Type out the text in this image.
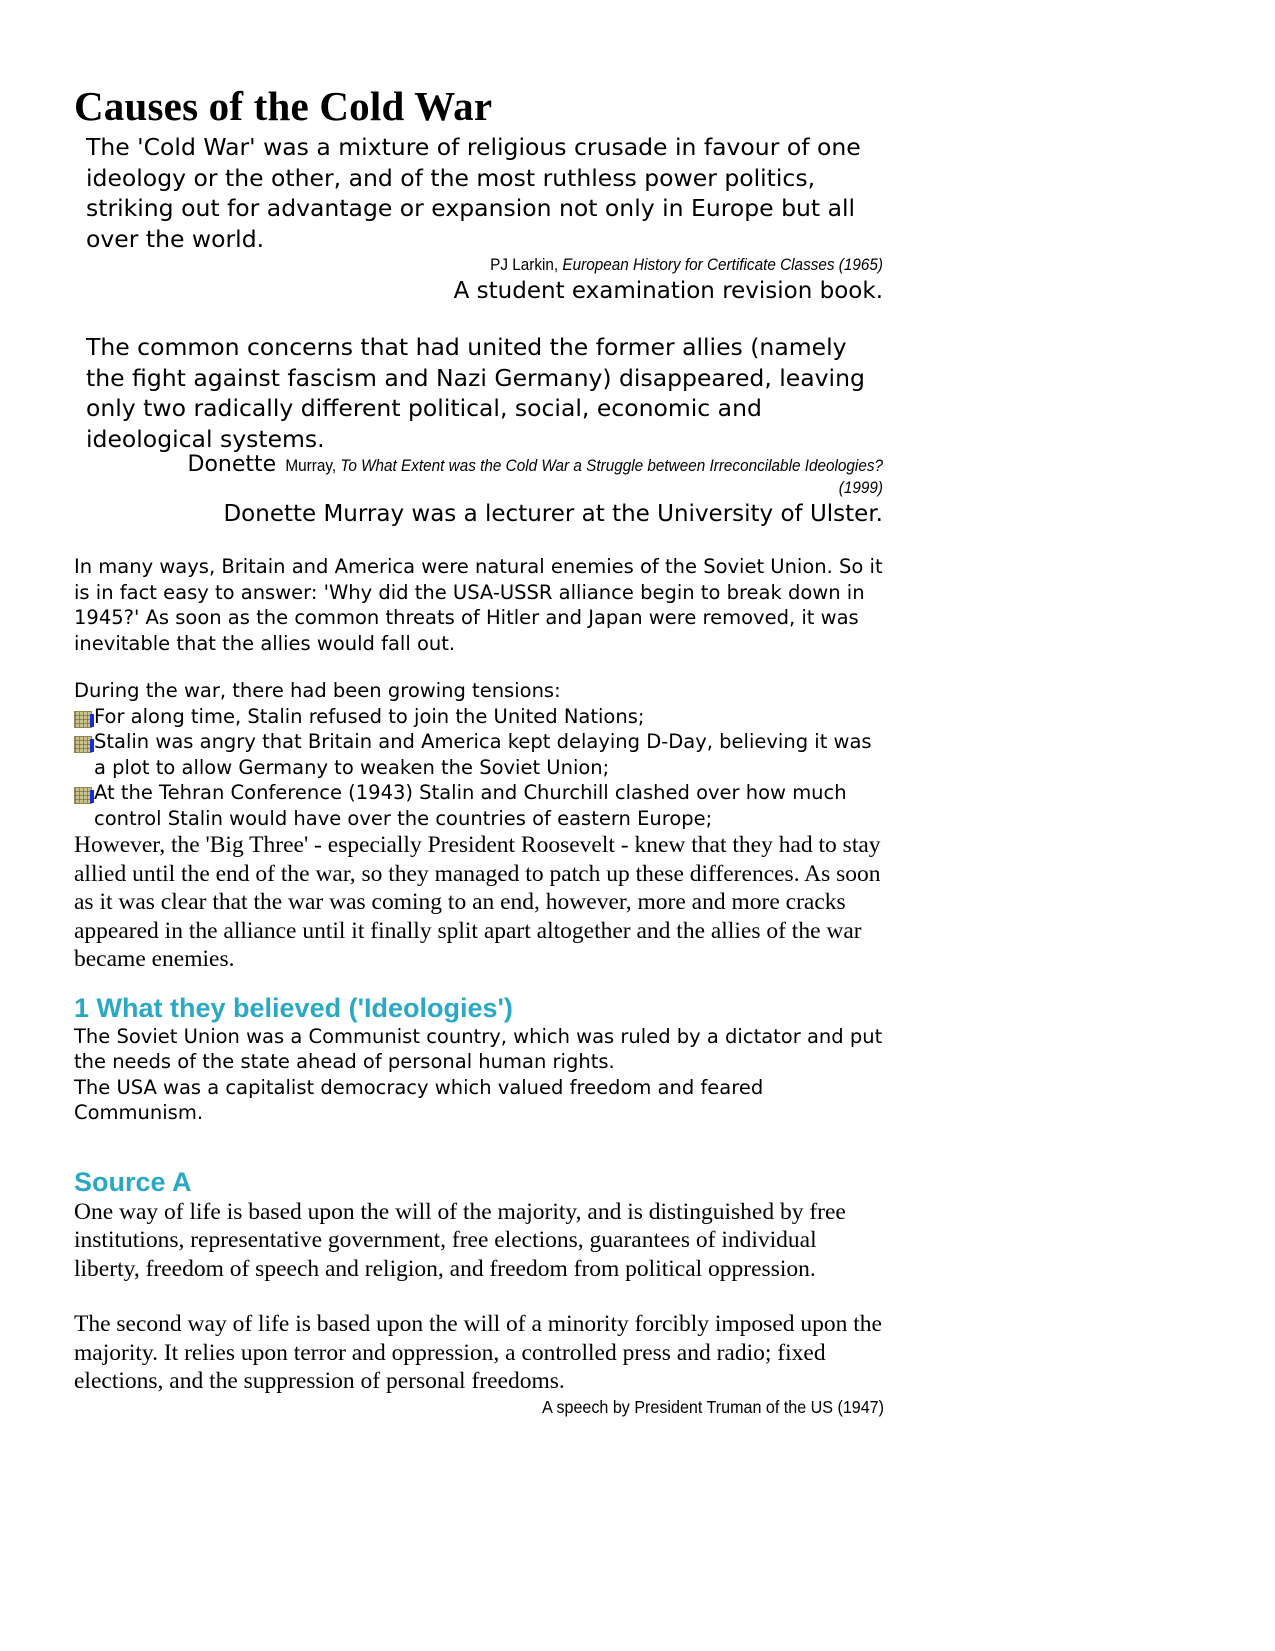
Causes of the Cold War

The 'Cold War' was a mixture of religious crusade in favour of one ideology or the other, and of the most ruthless power politics, striking out for advantage or expansion not only in Europe but all over the world.

PJ Larkin, European History for Certificate Classes (1965)

A student examination revision book.

The common concerns that had united the former allies (namely the fight against fascism and Nazi Germany) disappeared, leaving only two radically different political, social, economic and ideological systems.

Donette Murray, To What Extent was the Cold War a Struggle between Irreconcilable Ideologies? (1999)

Donette Murray was a lecturer at the University of Ulster.

In many ways, Britain and America were natural enemies of the Soviet Union. So it is in fact easy to answer: 'Why did the USA-USSR alliance begin to break down in 1945?' As soon as the common threats of Hitler and Japan were removed, it was inevitable that the allies would fall out.

During the war, there had been growing tensions:

For along time, Stalin refused to join the United Nations;
Stalin was angry that Britain and America kept delaying D-Day, believing it was a plot to allow Germany to weaken the Soviet Union;
At the Tehran Conference (1943) Stalin and Churchill clashed over how much control Stalin would have over the countries of eastern Europe;

However, the 'Big Three' - especially President Roosevelt - knew that they had to stay allied until the end of the war, so they managed to patch up these differences. As soon as it was clear that the war was coming to an end, however, more and more cracks appeared in the alliance until it finally split apart altogether and the allies of the war became enemies.

1 What they believed ('Ideologies')

The Soviet Union was a Communist country, which was ruled by a dictator and put the needs of the state ahead of personal human rights.

The USA was a capitalist democracy which valued freedom and feared Communism.

Source A

One way of life is based upon the will of the majority, and is distinguished by free institutions, representative government, free elections, guarantees of individual liberty, freedom of speech and religion, and freedom from political oppression.

The second way of life is based upon the will of a minority forcibly imposed upon the majority. It relies upon terror and oppression, a controlled press and radio; fixed elections, and the suppression of personal freedoms.

A speech by President Truman of the US (1947)
